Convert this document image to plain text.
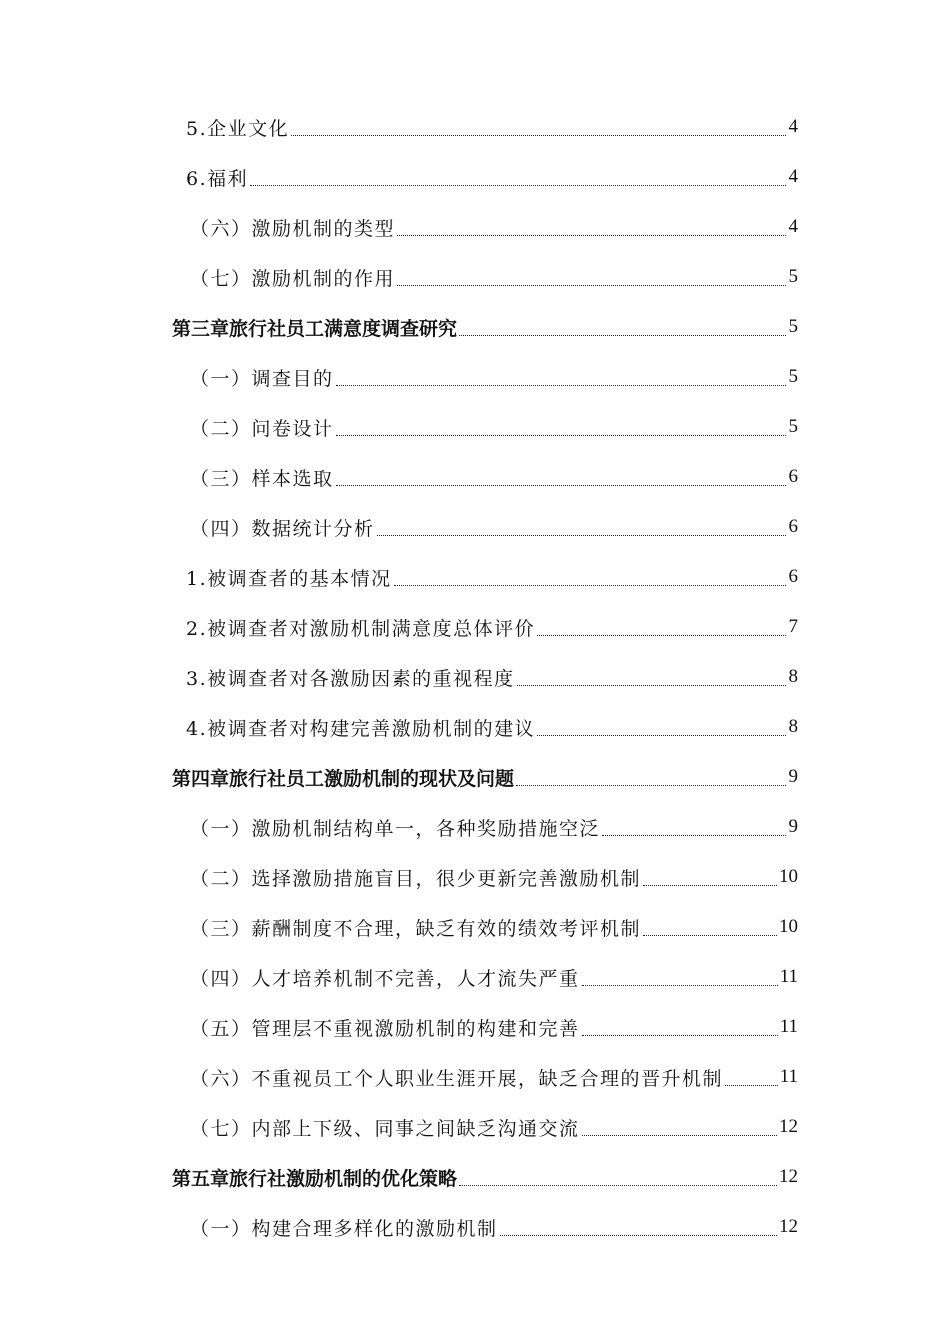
5.企业文化	4
6.福利	4
（六）激励机制的类型	4
（七）激励机制的作用	5
第三章旅行社员工满意度调查研究	5
（一）调查目的	5
（二）问卷设计	5
（三）样本选取	6
（四）数据统计分析	6
1.被调查者的基本情况	6
2.被调查者对激励机制满意度总体评价	7
3.被调查者对各激励因素的重视程度	8
4.被调查者对构建完善激励机制的建议	8
第四章旅行社员工激励机制的现状及问题	9
（一）激励机制结构单一，各种奖励措施空泛	9
（二）选择激励措施盲目，很少更新完善激励机制	10
（三）薪酬制度不合理，缺乏有效的绩效考评机制	10
（四）人才培养机制不完善，人才流失严重	11
（五）管理层不重视激励机制的构建和完善	11
（六）不重视员工个人职业生涯开展，缺乏合理的晋升机制	11
（七）内部上下级、同事之间缺乏沟通交流	12
第五章旅行社激励机制的优化策略	12
（一）构建合理多样化的激励机制	12
